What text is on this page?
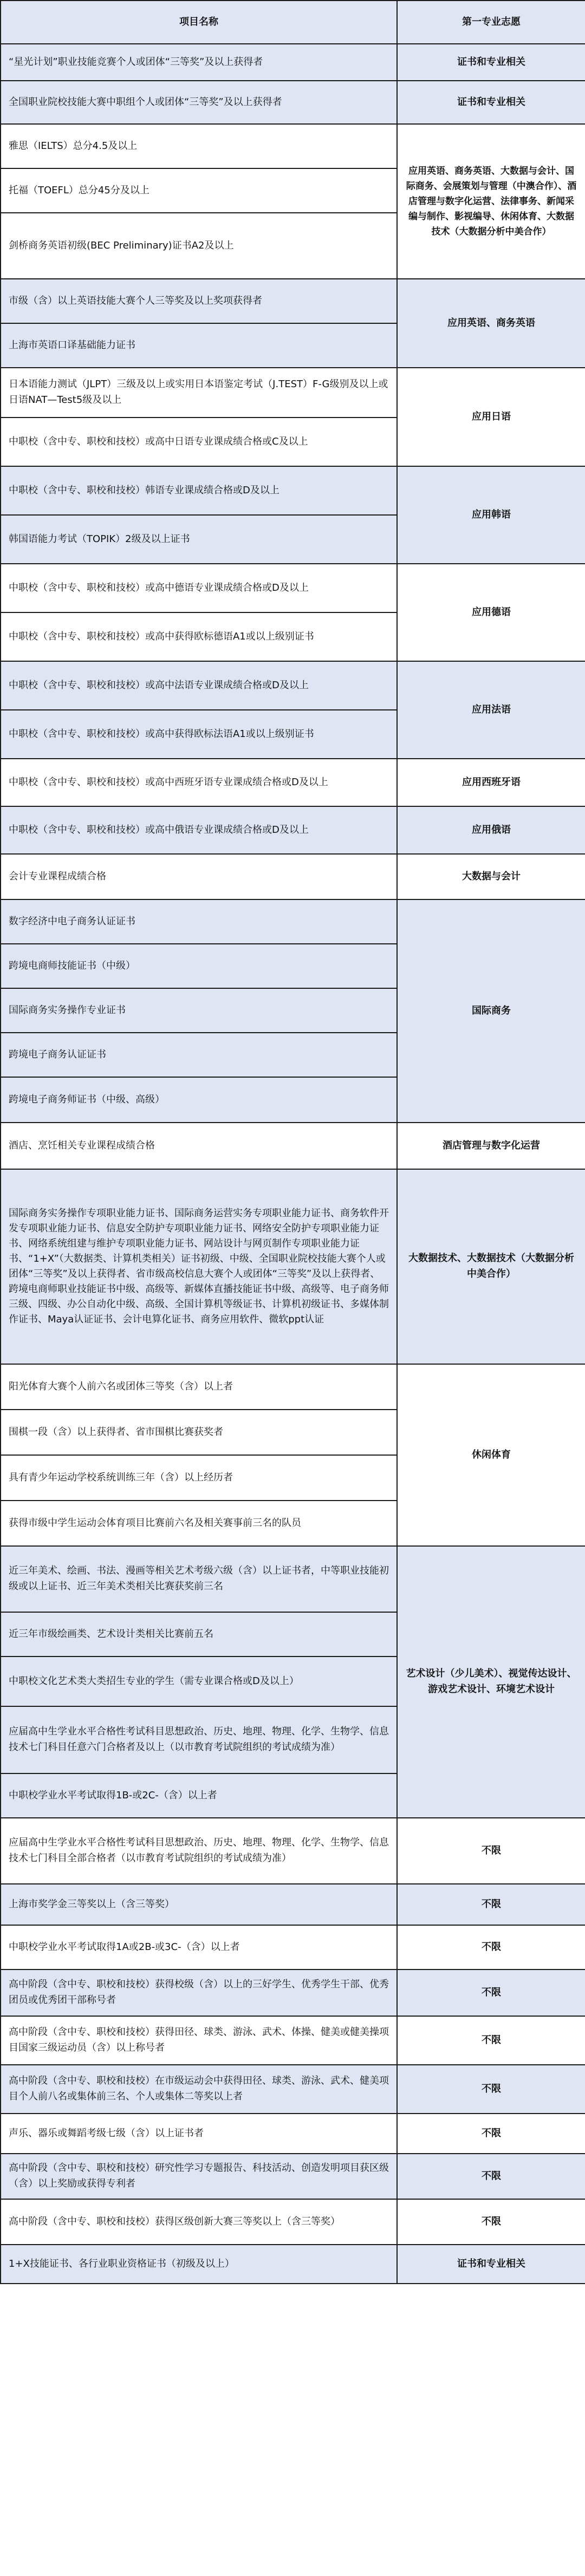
项目名称	第一专业志愿
“星光计划”职业技能竞赛个人或团体“三等奖”及以上获得者	证书和专业相关
全国职业院校技能大赛中职组个人或团体“三等奖”及以上获得者	证书和专业相关
雅思（IELTS）总分4.5及以上	应用英语、商务英语、大数据与会计、国际商务、会展策划与管理（中澳合作）、酒店管理与数字化运营、法律事务、新闻采编与制作、影视编导、休闲体育、大数据技术（大数据分析中美合作）
托福（TOEFL）总分45分及以上	
剑桥商务英语初级(BEC Preliminary)证书A2及以上	
市级（含）以上英语技能大赛个人三等奖及以上奖项获得者	应用英语、商务英语
上海市英语口译基础能力证书	
日本语能力测试（JLPT）三级及以上或实用日本语鉴定考试（J.TEST）F-G级别及以上或日语NAT—Test5级及以上	应用日语
中职校（含中专、职校和技校）或高中日语专业课成绩合格或C及以上	
中职校（含中专、职校和技校）韩语专业课成绩合格或D及以上	应用韩语
韩国语能力考试（TOPIK）2级及以上证书	
中职校（含中专、职校和技校）或高中德语专业课成绩合格或D及以上	应用德语
中职校（含中专、职校和技校）或高中获得欧标德语A1或以上级别证书	
中职校（含中专、职校和技校）或高中法语专业课成绩合格或D及以上	应用法语
中职校（含中专、职校和技校）或高中获得欧标法语A1或以上级别证书	
中职校（含中专、职校和技校）或高中西班牙语专业课成绩合格或D及以上	应用西班牙语
中职校（含中专、职校和技校）或高中俄语专业课成绩合格或D及以上	应用俄语
会计专业课程成绩合格	大数据与会计
数字经济中电子商务认证证书	国际商务
跨境电商师技能证书（中级）	
国际商务实务操作专业证书	
跨境电子商务认证证书	
跨境电子商务师证书（中级、高级）	
酒店、烹饪相关专业课程成绩合格	酒店管理与数字化运营
国际商务实务操作专项职业能力证书、国际商务运营实务专项职业能力证书、商务软件开发专项职业能力证书、信息安全防护专项职业能力证书、网络安全防护专项职业能力证书、网络系统组建与维护专项职业能力证书、网站设计与网页制作专项职业能力证书、“1+X”（大数据类、计算机类相关）证书初级、中级、全国职业院校技能大赛个人或团体“三等奖”及以上获得者、省市级高校信息大赛个人或团体“三等奖”及以上获得者、跨境电商师职业技能证书中级、高级等、新媒体直播技能证书中级、高级等、电子商务师三级、四级、办公自动化中级、高级、全国计算机等级证书、计算机初级证书、多媒体制作证书、Maya认证证书、会计电算化证书、商务应用软件、微软ppt认证	大数据技术、大数据技术（大数据分析中美合作）
阳光体育大赛个人前六名或团体三等奖（含）以上者	休闲体育
围棋一段（含）以上获得者、省市围棋比赛获奖者	
具有青少年运动学校系统训练三年（含）以上经历者	
获得市级中学生运动会体育项目比赛前六名及相关赛事前三名的队员	
近三年美术、绘画、书法、漫画等相关艺术考级六级（含）以上证书者，中等职业技能初级或以上证书、近三年美术类相关比赛获奖前三名	艺术设计（少儿美术）、视觉传达设计、游戏艺术设计、环境艺术设计
近三年市级绘画类、艺术设计类相关比赛前五名	
中职校文化艺术类大类招生专业的学生（需专业课合格或D及以上）	
应届高中生学业水平合格性考试科目思想政治、历史、地理、物理、化学、生物学、信息技术七门科目任意六门合格者及以上（以市教育考试院组织的考试成绩为准）	
中职校学业水平考试取得1B-或2C-（含）以上者	
应届高中生学业水平合格性考试科目思想政治、历史、地理、物理、化学、生物学、信息技术七门科目全部合格者（以市教育考试院组织的考试成绩为准）	不限
上海市奖学金三等奖以上（含三等奖）	不限
中职校学业水平考试取得1A或2B-或3C-（含）以上者	不限
高中阶段（含中专、职校和技校）获得校级（含）以上的三好学生、优秀学生干部、优秀团员或优秀团干部称号者	不限
高中阶段（含中专、职校和技校）获得田径、球类、游泳、武术、体操、健美或健美操项目国家三级运动员（含）以上称号者	不限
高中阶段（含中专、职校和技校）在市级运动会中获得田径、球类、游泳、武术、健美项目个人前八名或集体前三名、个人或集体二等奖以上者	不限
声乐、器乐或舞蹈考级七级（含）以上证书者	不限
高中阶段（含中专、职校和技校）研究性学习专题报告、科技活动、创造发明项目获区级（含）以上奖励或获得专利者	不限
高中阶段（含中专、职校和技校）获得区级创新大赛三等奖以上（含三等奖）	不限
1+X技能证书、各行业职业资格证书（初级及以上）	证书和专业相关
